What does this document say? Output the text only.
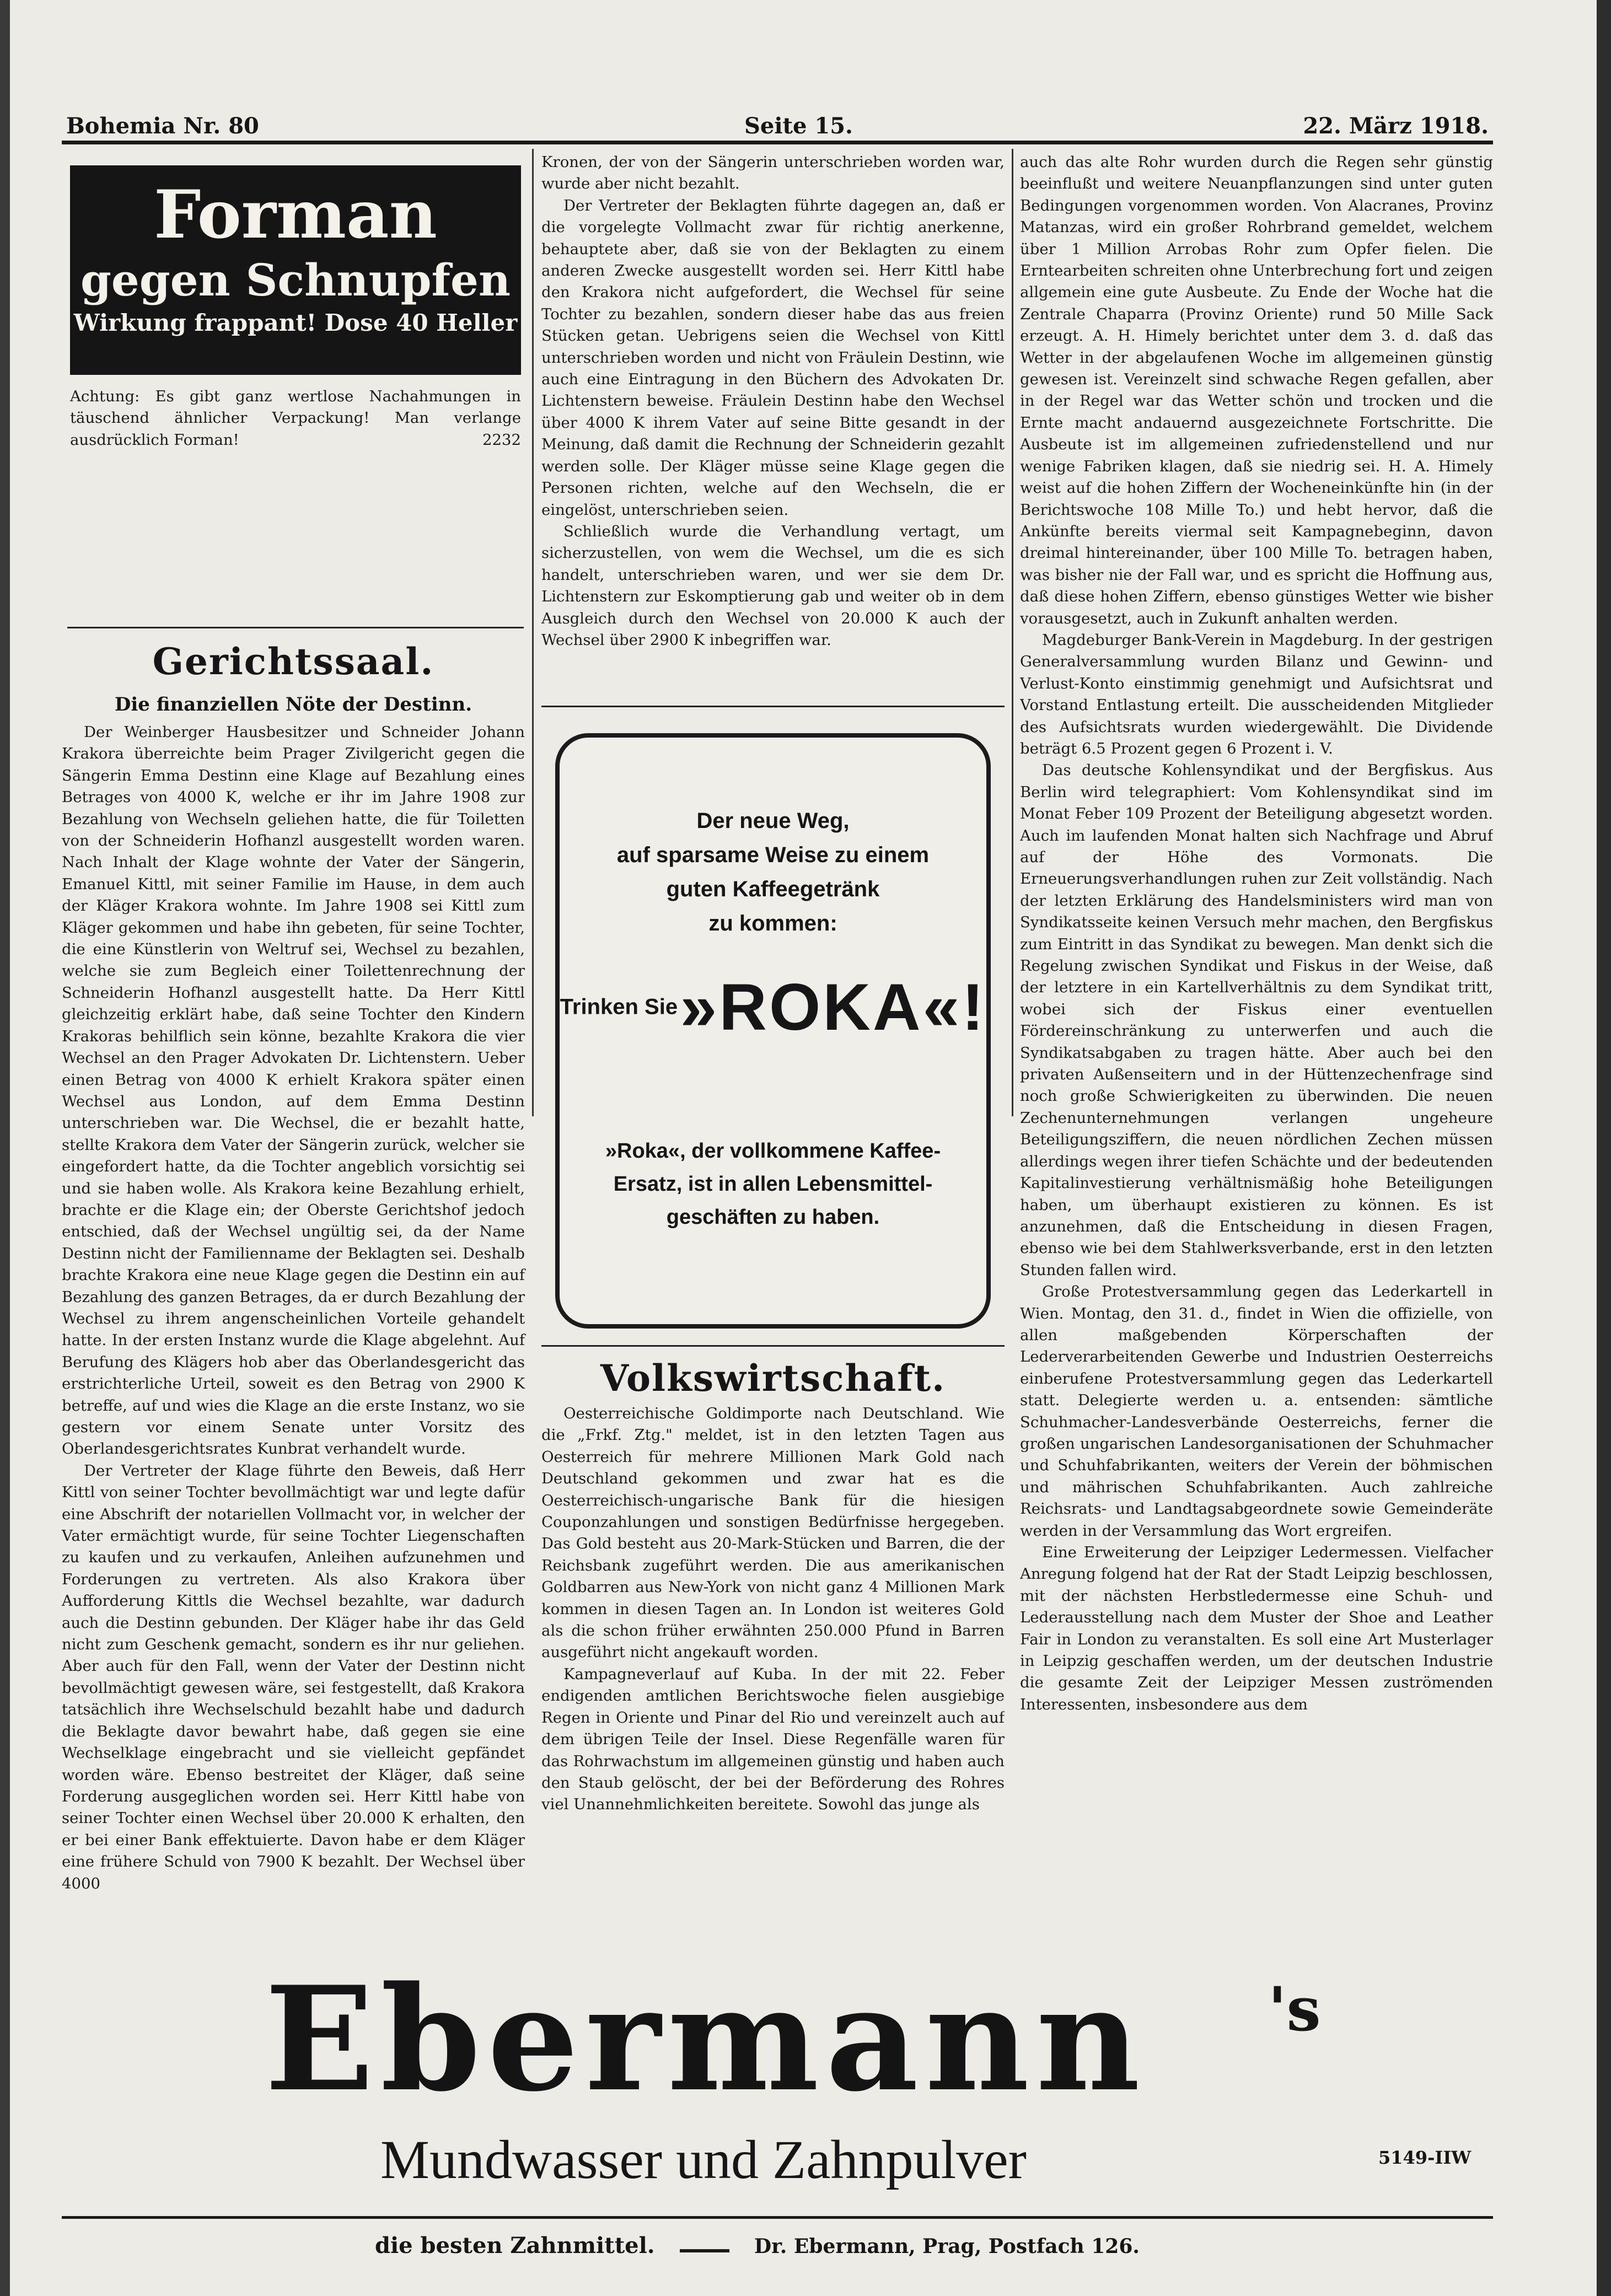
Bohemia Nr. 80	Seite 15.	22. März 1918.
Forman
gegen Schnupfen
Wirkung frappant! Dose 40 Heller

Achtung: Es gibt ganz wertlose Nachahmungen in täuschend ähnlicher Verpackung! Man verlange ausdrücklich Forman!	2232

Gerichtssaal.
Die finanziellen Nöte der Destinn.

Der Weinberger Hausbesitzer und Schneider Johann Krakora überreichte beim Prager Zivilgericht gegen die Sängerin Emma Destinn eine Klage auf Bezahlung eines Betrages von 4000 K, welche er ihr im Jahre 1908 zur Bezahlung von Wechseln geliehen hatte, die für Toiletten von der Schneiderin Hofhanzl ausgestellt worden waren. Nach Inhalt der Klage wohnte der Vater der Sängerin, Emanuel Kittl, mit seiner Familie im Hause, in dem auch der Kläger Krakora wohnte. Im Jahre 1908 sei Kittl zum Kläger gekommen und habe ihn gebeten, für seine Tochter, die eine Künstlerin von Weltruf sei, Wechsel zu bezahlen, welche sie zum Begleich einer Toilettenrechnung der Schneiderin Hofhanzl ausgestellt hatte. Da Herr Kittl gleichzeitig erklärt habe, daß seine Tochter den Kindern Krakoras behilflich sein könne, bezahlte Krakora die vier Wechsel an den Prager Advokaten Dr. Lichtenstern. Ueber einen Betrag von 4000 K erhielt Krakora später einen Wechsel aus London, auf dem Emma Destinn unterschrieben war. Die Wechsel, die er bezahlt hatte, stellte Krakora dem Vater der Sängerin zurück, welcher sie eingefordert hatte, da die Tochter angeblich vorsichtig sei und sie haben wolle. Als Krakora keine Bezahlung erhielt, brachte er die Klage ein; der Oberste Gerichtshof jedoch entschied, daß der Wechsel ungültig sei, da der Name Destinn nicht der Familienname der Beklagten sei. Deshalb brachte Krakora eine neue Klage gegen die Destinn ein auf Bezahlung des ganzen Betrages, da er durch Bezahlung der Wechsel zu ihrem angenscheinlichen Vorteile gehandelt hatte. In der ersten Instanz wurde die Klage abgelehnt. Auf Berufung des Klägers hob aber das Oberlandesgericht das erstrichterliche Urteil, soweit es den Betrag von 2900 K betreffe, auf und wies die Klage an die erste Instanz, wo sie gestern vor einem Senate unter Vorsitz des Oberlandesgerichtsrates Kunbrat verhandelt wurde.

Der Vertreter der Klage führte den Beweis, daß Herr Kittl von seiner Tochter bevollmächtigt war und legte dafür eine Abschrift der notariellen Vollmacht vor, in welcher der Vater ermächtigt wurde, für seine Tochter Liegenschaften zu kaufen und zu verkaufen, Anleihen aufzunehmen und Forderungen zu vertreten. Als also Krakora über Aufforderung Kittls die Wechsel bezahlte, war dadurch auch die Destinn gebunden. Der Kläger habe ihr das Geld nicht zum Geschenk gemacht, sondern es ihr nur geliehen. Aber auch für den Fall, wenn der Vater der Destinn nicht bevollmächtigt gewesen wäre, sei festgestellt, daß Krakora tatsächlich ihre Wechselschuld bezahlt habe und dadurch die Beklagte davor bewahrt habe, daß gegen sie eine Wechselklage eingebracht und sie vielleicht gepfändet worden wäre. Ebenso bestreitet der Kläger, daß seine Forderung ausgeglichen worden sei. Herr Kittl habe von seiner Tochter einen Wechsel über 20.000 K erhalten, den er bei einer Bank effektuierte. Davon habe er dem Kläger eine frühere Schuld von 7900 K bezahlt. Der Wechsel über 4000

Kronen, der von der Sängerin unterschrieben worden war, wurde aber nicht bezahlt.

Der Vertreter der Beklagten führte dagegen an, daß er die vorgelegte Vollmacht zwar für richtig anerkenne, behauptete aber, daß sie von der Beklagten zu einem anderen Zwecke ausgestellt worden sei. Herr Kittl habe den Krakora nicht aufgefordert, die Wechsel für seine Tochter zu bezahlen, sondern dieser habe das aus freien Stücken getan. Uebrigens seien die Wechsel von Kittl unterschrieben worden und nicht von Fräulein Destinn, wie auch eine Eintragung in den Büchern des Advokaten Dr. Lichtenstern beweise. Fräulein Destinn habe den Wechsel über 4000 K ihrem Vater auf seine Bitte gesandt in der Meinung, daß damit die Rechnung der Schneiderin gezahlt werden solle. Der Kläger müsse seine Klage gegen die Personen richten, welche auf den Wechseln, die er eingelöst, unterschrieben seien.

Schließlich wurde die Verhandlung vertagt, um sicherzustellen, von wem die Wechsel, um die es sich handelt, unterschrieben waren, und wer sie dem Dr. Lichtenstern zur Eskomptierung gab und weiter ob in dem Ausgleich durch den Wechsel von 20.000 K auch der Wechsel über 2900 K inbegriffen war.

Der neue Weg,
auf sparsame Weise zu einem
guten Kaffeegetränk
zu kommen:
Trinken Sie »ROKA«!
»Roka«, der vollkommene Kaffee-
Ersatz, ist in allen Lebensmittel-
geschäften zu haben.
Volkswirtschaft.

Oesterreichische Goldimporte nach Deutschland. Wie die „Frkf. Ztg." meldet, ist in den letzten Tagen aus Oesterreich für mehrere Millionen Mark Gold nach Deutschland gekommen und zwar hat es die Oesterreichisch-ungarische Bank für die hiesigen Couponzahlungen und sonstigen Bedürfnisse hergegeben. Das Gold besteht aus 20-Mark-Stücken und Barren, die der Reichsbank zugeführt werden. Die aus amerikanischen Goldbarren aus New-York von nicht ganz 4 Millionen Mark kommen in diesen Tagen an. In London ist weiteres Gold als die schon früher erwähnten 250.000 Pfund in Barren ausgeführt nicht angekauft worden.

Kampagneverlauf auf Kuba. In der mit 22. Feber endigenden amtlichen Berichtswoche fielen ausgiebige Regen in Oriente und Pinar del Rio und vereinzelt auch auf dem übrigen Teile der Insel. Diese Regenfälle waren für das Rohrwachstum im allgemeinen günstig und haben auch den Staub gelöscht, der bei der Beförderung des Rohres viel Unannehmlichkeiten bereitete. Sowohl das junge als

auch das alte Rohr wurden durch die Regen sehr günstig beeinflußt und weitere Neuanpflanzungen sind unter guten Bedingungen vorgenommen worden. Von Alacranes, Provinz Matanzas, wird ein großer Rohrbrand gemeldet, welchem über 1 Million Arrobas Rohr zum Opfer fielen. Die Erntearbeiten schreiten ohne Unterbrechung fort und zeigen allgemein eine gute Ausbeute. Zu Ende der Woche hat die Zentrale Chaparra (Provinz Oriente) rund 50 Mille Sack erzeugt. A. H. Himely berichtet unter dem 3. d. daß das Wetter in der abgelaufenen Woche im allgemeinen günstig gewesen ist. Vereinzelt sind schwache Regen gefallen, aber in der Regel war das Wetter schön und trocken und die Ernte macht andauernd ausgezeichnete Fortschritte. Die Ausbeute ist im allgemeinen zufriedenstellend und nur wenige Fabriken klagen, daß sie niedrig sei. H. A. Himely weist auf die hohen Ziffern der Wocheneinkünfte hin (in der Berichtswoche 108 Mille To.) und hebt hervor, daß die Ankünfte bereits viermal seit Kampagnebeginn, davon dreimal hintereinander, über 100 Mille To. betragen haben, was bisher nie der Fall war, und es spricht die Hoffnung aus, daß diese hohen Ziffern, ebenso günstiges Wetter wie bisher vorausgesetzt, auch in Zukunft anhalten werden.

Magdeburger Bank-Verein in Magdeburg. In der gestrigen Generalversammlung wurden Bilanz und Gewinn- und Verlust-Konto einstimmig genehmigt und Aufsichtsrat und Vorstand Entlastung erteilt. Die ausscheidenden Mitglieder des Aufsichtsrats wurden wiedergewählt. Die Dividende beträgt 6.5 Prozent gegen 6 Prozent i. V.

Das deutsche Kohlensyndikat und der Bergfiskus. Aus Berlin wird telegraphiert: Vom Kohlensyndikat sind im Monat Feber 109 Prozent der Beteiligung abgesetzt worden. Auch im laufenden Monat halten sich Nachfrage und Abruf auf der Höhe des Vormonats. Die Erneuerungsverhandlungen ruhen zur Zeit vollständig. Nach der letzten Erklärung des Handelsministers wird man von Syndikatsseite keinen Versuch mehr machen, den Bergfiskus zum Eintritt in das Syndikat zu bewegen. Man denkt sich die Regelung zwischen Syndikat und Fiskus in der Weise, daß der letztere in ein Kartellverhältnis zu dem Syndikat tritt, wobei sich der Fiskus einer eventuellen Fördereinschränkung zu unterwerfen und auch die Syndikatsabgaben zu tragen hätte. Aber auch bei den privaten Außenseitern und in der Hüttenzechenfrage sind noch große Schwierigkeiten zu überwinden. Die neuen Zechenunternehmungen verlangen ungeheure Beteiligungsziffern, die neuen nördlichen Zechen müssen allerdings wegen ihrer tiefen Schächte und der bedeutenden Kapitalinvestierung verhältnismäßig hohe Beteiligungen haben, um überhaupt existieren zu können. Es ist anzunehmen, daß die Entscheidung in diesen Fragen, ebenso wie bei dem Stahlwerksverbande, erst in den letzten Stunden fallen wird.

Große Protestversammlung gegen das Lederkartell in Wien. Montag, den 31. d., findet in Wien die offizielle, von allen maßgebenden Körperschaften der Lederverarbeitenden Gewerbe und Industrien Oesterreichs einberufene Protestversammlung gegen das Lederkartell statt. Delegierte werden u. a. entsenden: sämtliche Schuhmacher-Landesverbände Oesterreichs, ferner die großen ungarischen Landesorganisationen der Schuhmacher und Schuhfabrikanten, weiters der Verein der böhmischen und mährischen Schuhfabrikanten. Auch zahlreiche Reichsrats- und Landtagsabgeordnete sowie Gemeinderäte werden in der Versammlung das Wort ergreifen.

Eine Erweiterung der Leipziger Ledermessen. Vielfacher Anregung folgend hat der Rat der Stadt Leipzig beschlossen, mit der nächsten Herbstledermesse eine Schuh- und Lederausstellung nach dem Muster der Shoe and Leather Fair in London zu veranstalten. Es soll eine Art Musterlager in Leipzig geschaffen werden, um der deutschen Industrie die gesamte Zeit der Leipziger Messen zuströmenden Interessenten, insbesondere aus dem

Ebermann 's
Mundwasser und Zahnpulver	5149-IIW
die besten Zahnmittel.	Dr. Ebermann, Prag, Postfach 126.
